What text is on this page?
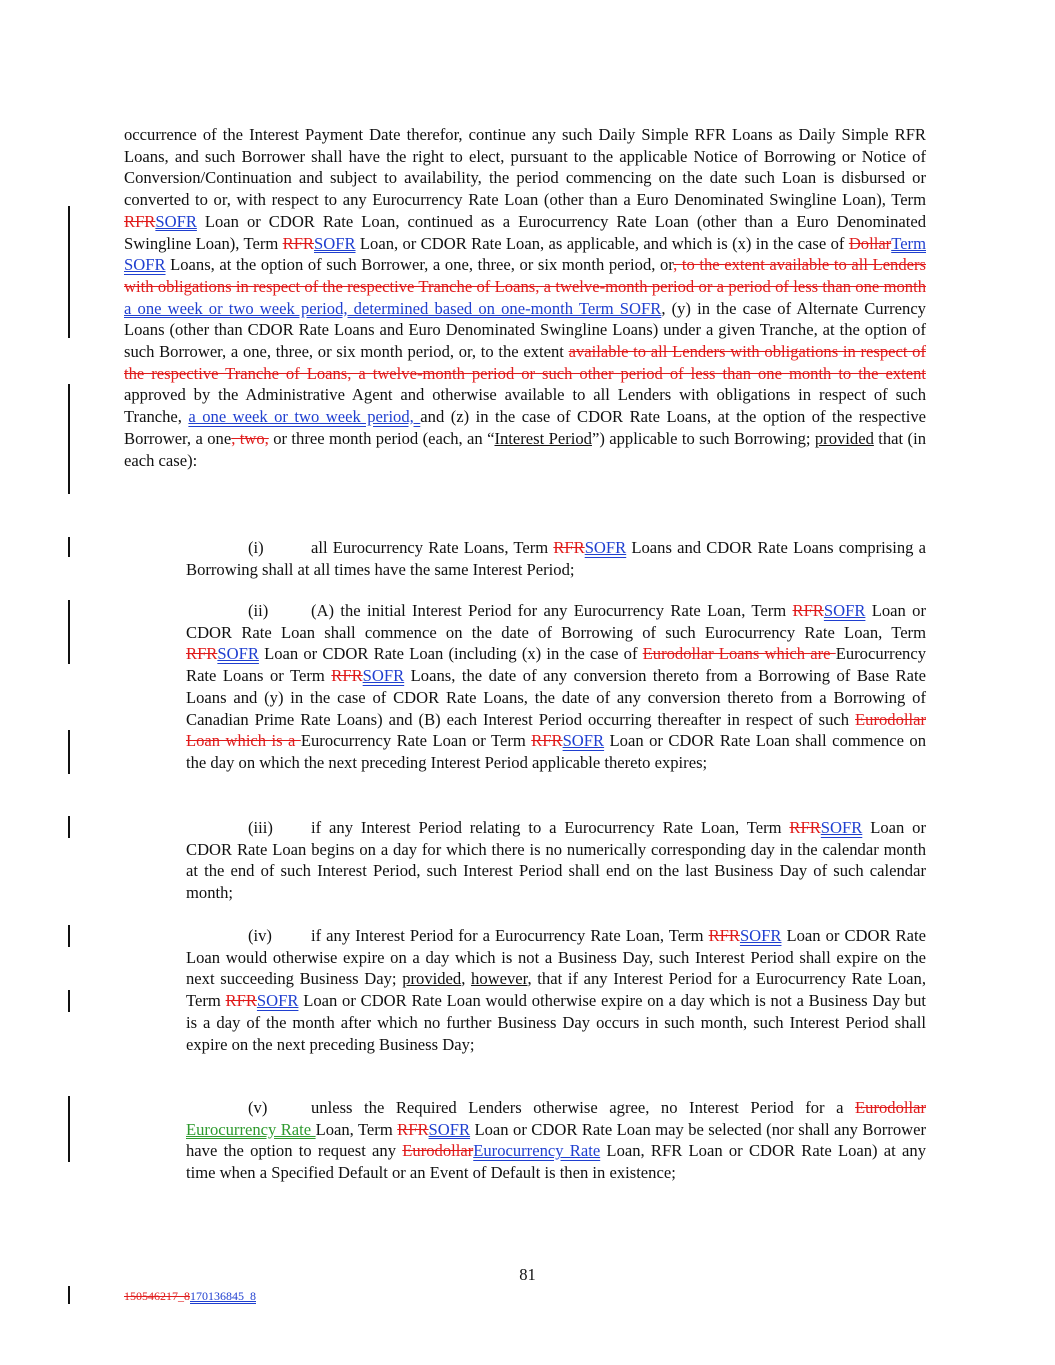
occurrence of the Interest Payment Date therefor, continue any such Daily Simple RFR Loans as Daily Simple RFR Loans, and such Borrower shall have the right to elect, pursuant to the applicable Notice of Borrowing or Notice of Conversion/Continuation and subject to availability, the period commencing on the date such Loan is disbursed or converted to or, with respect to any Eurocurrency Rate Loan (other than a Euro Denominated Swingline Loan), Term RFRSOFR Loan or CDOR Rate Loan, continued as a Eurocurrency Rate Loan (other than a Euro Denominated Swingline Loan), Term RFRSOFR Loan, or CDOR Rate Loan, as applicable, and which is (x) in the case of DollarTerm SOFR Loans, at the option of such Borrower, a one, three, or six month period, or, to the extent available to all Lenders with obligations in respect of the respective Tranche of Loans, a twelve-month period or a period of less than one month a one week or two week period, determined based on one-month Term SOFR, (y) in the case of Alternate Currency Loans (other than CDOR Rate Loans and Euro Denominated Swingline Loans) under a given Tranche, at the option of such Borrower, a one, three, or six month period, or, to the extent available to all Lenders with obligations in respect of the respective Tranche of Loans, a twelve-month period or such other period of less than one month to the extent approved by the Administrative Agent and otherwise available to all Lenders with obligations in respect of such Tranche, a one week or two week period, and (z) in the case of CDOR Rate Loans, at the option of the respective Borrower, a one, two, or three month period (each, an “Interest Period”) applicable to such Borrowing; provided that (in each case):

(i)	all Eurocurrency Rate Loans, Term RFRSOFR Loans and CDOR Rate Loans comprising a Borrowing shall at all times have the same Interest Period;

(ii)	(A) the initial Interest Period for any Eurocurrency Rate Loan, Term RFRSOFR Loan or CDOR Rate Loan shall commence on the date of Borrowing of such Eurocurrency Rate Loan, Term RFRSOFR Loan or CDOR Rate Loan (including (x) in the case of Eurodollar Loans which are Eurocurrency Rate Loans or Term RFRSOFR Loans, the date of any conversion thereto from a Borrowing of Base Rate Loans and (y) in the case of CDOR Rate Loans, the date of any conversion thereto from a Borrowing of Canadian Prime Rate Loans) and (B) each Interest Period occurring thereafter in respect of such Eurodollar Loan which is a Eurocurrency Rate Loan or Term RFRSOFR Loan or CDOR Rate Loan shall commence on the day on which the next preceding Interest Period applicable thereto expires;

(iii) if any Interest Period relating to a Eurocurrency Rate Loan, Term RFRSOFR Loan or CDOR Rate Loan begins on a day for which there is no numerically corresponding day in the calendar month at the end of such Interest Period, such Interest Period shall end on the last Business Day of such calendar month;

(iv) if any Interest Period for a Eurocurrency Rate Loan, Term RFRSOFR Loan or CDOR Rate Loan would otherwise expire on a day which is not a Business Day, such Interest Period shall expire on the next succeeding Business Day; provided, however, that if any Interest Period for a Eurocurrency Rate Loan, Term RFRSOFR Loan or CDOR Rate Loan would otherwise expire on a day which is not a Business Day but is a day of the month after which no further Business Day occurs in such month, such Interest Period shall expire on the next preceding Business Day;

(v)	unless the Required Lenders otherwise agree, no Interest Period for a Eurodollar Eurocurrency Rate Loan, Term RFRSOFR Loan or CDOR Rate Loan may be selected (nor shall any Borrower have the option to request any EurodollarEurocurrency Rate Loan, RFR Loan or CDOR Rate Loan) at any time when a Specified Default or an Event of Default is then in existence;

81
150546217_8170136845_8
